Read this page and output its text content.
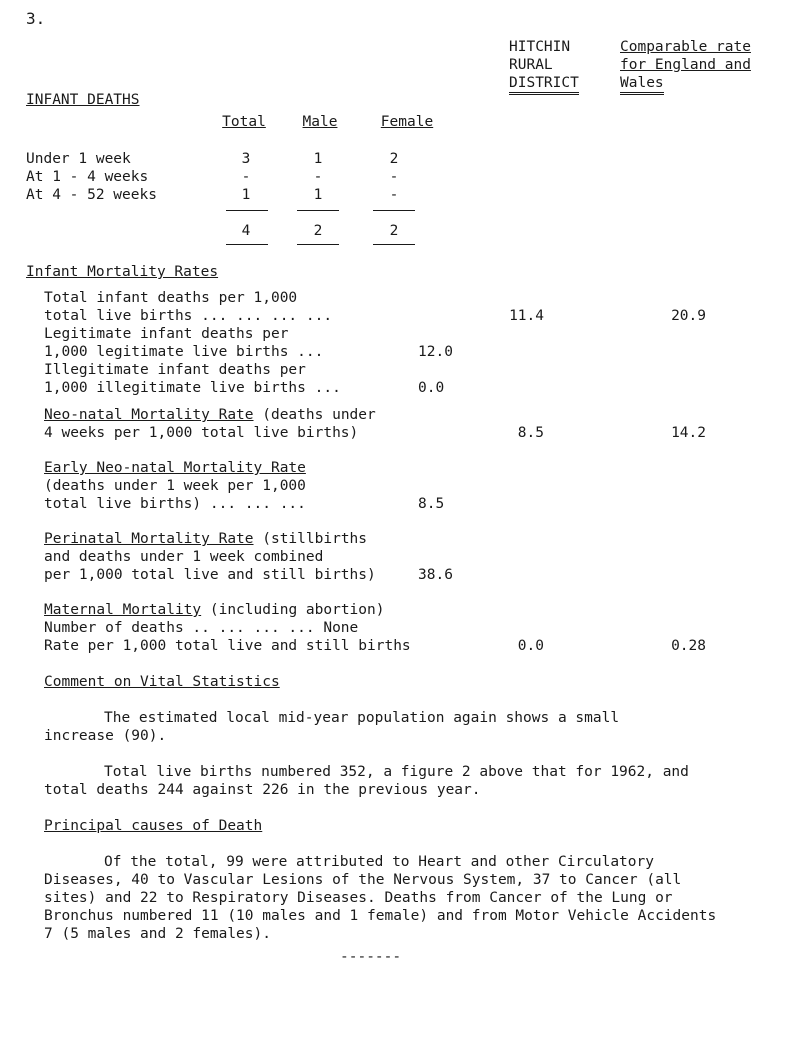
3.
HITCHIN
RURAL
DISTRICT
Comparable rate
for England and
Wales
INFANT DEATHS
Total	Male	Female
Under 1 week	3	1	2
At 1 - 4 weeks	-	-	-
At 4 - 52 weeks	1	1	-
4	2	2
Infant Mortality Rates
Total infant deaths per 1,000
total live births ... ... ... ...	11.4	20.9
Legitimate infant deaths per
1,000 legitimate live births ...	12.0
Illegitimate infant deaths per
1,000 illegitimate live births ...	0.0
Neo-natal Mortality Rate (deaths under
4 weeks per 1,000 total live births)	8.5	14.2
Early Neo-natal Mortality Rate
(deaths under 1 week per 1,000
total live births) ... ... ...	8.5
Perinatal Mortality Rate (stillbirths
and deaths under 1 week combined
per 1,000 total live and still births)	38.6
Maternal Mortality (including abortion)
Number of deaths .. ... ... ... None
Rate per 1,000 total live and still births	0.0	0.28
Comment on Vital Statistics
The estimated local mid-year population again shows a small
increase (90).
Total live births numbered 352, a figure 2 above that for 1962, and
total deaths 244 against 226 in the previous year.
Principal causes of Death
Of the total, 99 were attributed to Heart and other Circulatory
Diseases, 40 to Vascular Lesions of the Nervous System, 37 to Cancer (all
sites) and 22 to Respiratory Diseases. Deaths from Cancer of the Lung or
Bronchus numbered 11 (10 males and 1 female) and from Motor Vehicle Accidents
7 (5 males and 2 females).
-------
